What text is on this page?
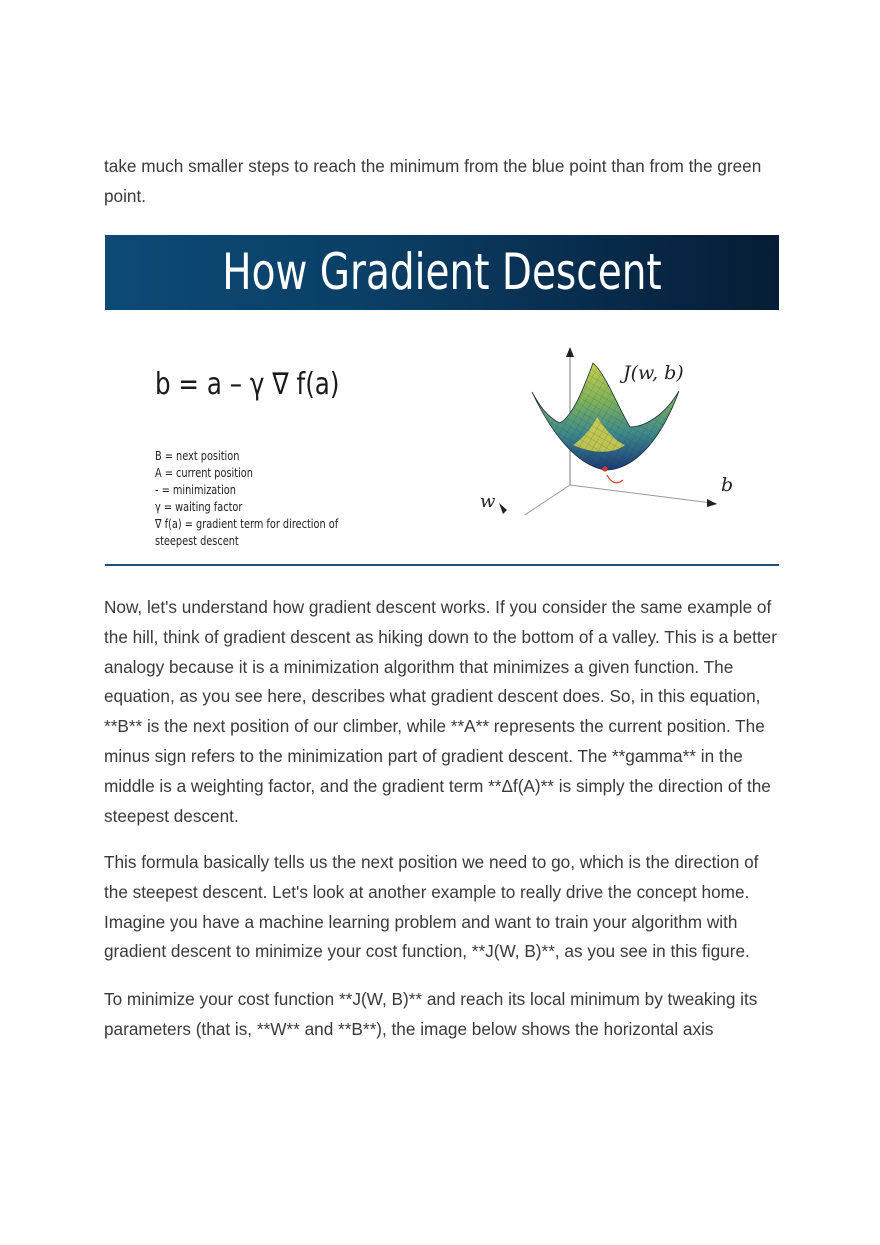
take much smaller steps to reach the minimum from the blue point than from the green point.

How Gradient Descent Works?
b = a – γ ∇ f(a)
B = next position
A = current position
- = minimization
γ = waiting factor
∇ f(a) = gradient term for direction of
steepest descent
J(w, b)
w
b

Now, let's understand how gradient descent works. If you consider the same example of the hill, think of gradient descent as hiking down to the bottom of a valley. This is a better analogy because it is a minimization algorithm that minimizes a given function. The equation, as you see here, describes what gradient descent does. So, in this equation, **B** is the next position of our climber, while **A** represents the current position. The minus sign refers to the minimization part of gradient descent. The **gamma** in the middle is a weighting factor, and the gradient term **Δf(A)** is simply the direction of the steepest descent.

This formula basically tells us the next position we need to go, which is the direction of the steepest descent. Let's look at another example to really drive the concept home. Imagine you have a machine learning problem and want to train your algorithm with gradient descent to minimize your cost function, **J(W, B)**, as you see in this figure.

To minimize your cost function **J(W, B)** and reach its local minimum by tweaking its parameters (that is, **W** and **B**), the image below shows the horizontal axis
